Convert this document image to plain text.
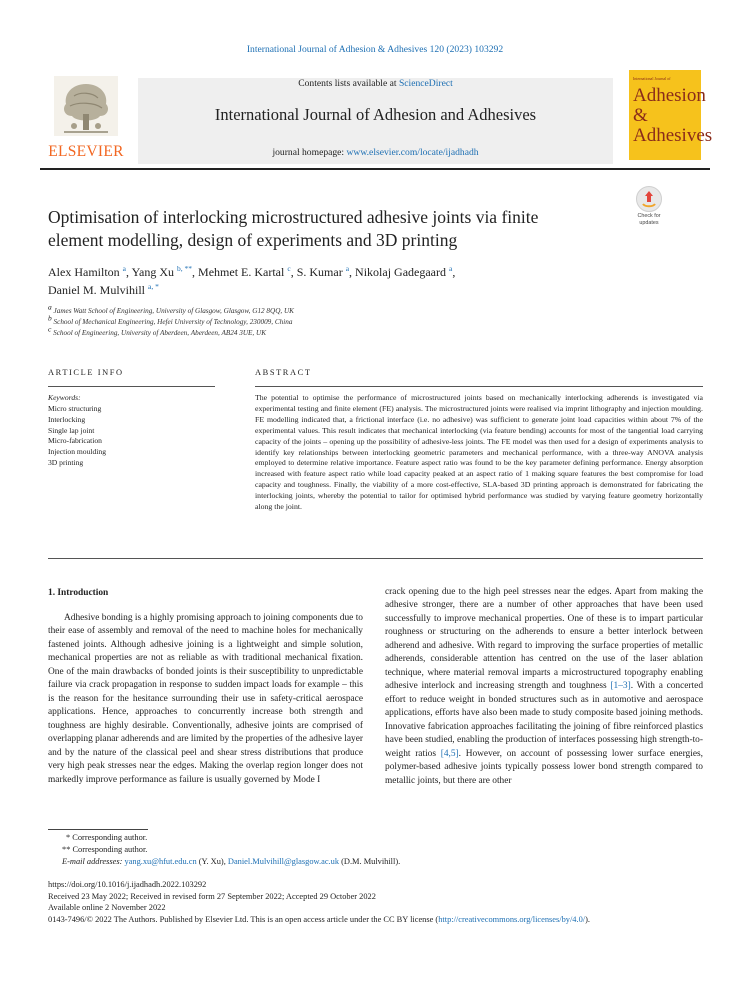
International Journal of Adhesion & Adhesives 120 (2023) 103292
ELSEVIER
Contents lists available at ScienceDirect
International Journal of Adhesion and Adhesives
journal homepage: www.elsevier.com/locate/ijadhadh
International Journal of
Adhesion &
Adhesives
Optimisation of interlocking microstructured adhesive joints via finite
element modelling, design of experiments and 3D printing
Check for
updates
Alex Hamilton $^a$, Yang Xu $^{b, **}$, Mehmet E. Kartal $^c$, S. Kumar $^a$, Nikolaj Gadegaard $^a$,
Daniel M. Mulvihill $^{a, *}$
a James Watt School of Engineering, University of Glasgow, Glasgow, G12 8QQ, UK
b School of Mechanical Engineering, Hefei University of Technology, 230009, China
c School of Engineering, University of Aberdeen, Aberdeen, AB24 3UE, UK
ARTICLE INFO	ABSTRACT
Keywords:
Micro structuring
Interlocking
Single lap joint
Micro-fabrication
Injection moulding
3D printing
The potential to optimise the performance of microstructured joints based on mechanically interlocking adherends is investigated via experimental testing and finite element (FE) analysis. The microstructured joints were realised via imprint lithography and injection moulding. FE modelling indicated that, a frictional interface (i.e. no adhesive) was sufficient to generate joint load capacities within about 7% of the experimental values. This result indicates that mechanical interlocking (via feature bending) accounts for most of the tangential load carrying capacity of the joints – opening up the possibility of adhesive-less joints. The FE model was then used for a design of experiments analysis to identify key relationships between interlocking geometric parameters and mechanical performance, with a three-way ANOVA analysis employed to determine relative importance. Feature aspect ratio was found to be the key parameter defining performance. Energy absorption increased with feature aspect ratio while load capacity peaked at an aspect ratio of 1 making square features the best compromise for load capacity and toughness. Finally, the viability of a more cost-effective, SLA-based 3D printing approach is demonstrated for fabricating the interlocking joints, whereby the potential to tailor for optimised hybrid performance was studied by varying feature geometry horizontally along the joint.
1. Introduction
Adhesive bonding is a highly promising approach to joining components due to their ease of assembly and removal of the need to machine holes for mechanically fastened joints. Although adhesive joining is a lightweight and simple solution, mechanical properties are not as reliable as with traditional mechanical fixation. One of the main drawbacks of bonded joints is their susceptibility to unpredictable failure via crack propagation in response to sudden impact loads for example – this is the reason for the hesitance surrounding their use in safety-critical aerospace applications. Hence, approaches to concurrently increase both strength and toughness are highly desirable. Conventionally, adhesive joints are comprised of overlapping planar adherends and are limited by the properties of the adhesive layer and by the nature of the classical peel and shear stress distributions that produce very high peak stresses near the edges. Making the overlap region longer does not markedly improve performance as failure is usually governed by Mode I
crack opening due to the high peel stresses near the edges. Apart from making the adhesive stronger, there are a number of other approaches that have been used successfully to improve mechanical properties. One of these is to impart particular roughness or structuring on the adherends to ensure a better interlock between adherend and adhesive. With regard to improving the surface properties of metallic adherends, considerable attention has centred on the use of the laser ablation technique, where material removal imparts a microstructured topography enabling adhesive interlock and increasing strength and toughness [1–3]. With a concerted effort to reduce weight in bonded structures such as in automotive and aerospace applications, efforts have also been made to study composite based joining methods. Innovative fabrication approaches facilitating the joining of fibre reinforced plastics have been studied, enabling the production of interfaces possessing high strength-to-weight ratios [4,5]. However, on account of possessing lower surface energies, polymer-based adhesive joints typically possess lower bond strength compared to metallic joints, but there are other
* Corresponding author.
** Corresponding author.
E-mail addresses: yang.xu@hfut.edu.cn (Y. Xu), Daniel.Mulvihill@glasgow.ac.uk (D.M. Mulvihill).
https://doi.org/10.1016/j.ijadhadh.2022.103292
Received 23 May 2022; Received in revised form 27 September 2022; Accepted 29 October 2022
Available online 2 November 2022
0143-7496/© 2022 The Authors. Published by Elsevier Ltd. This is an open access article under the CC BY license (http://creativecommons.org/licenses/by/4.0/).
